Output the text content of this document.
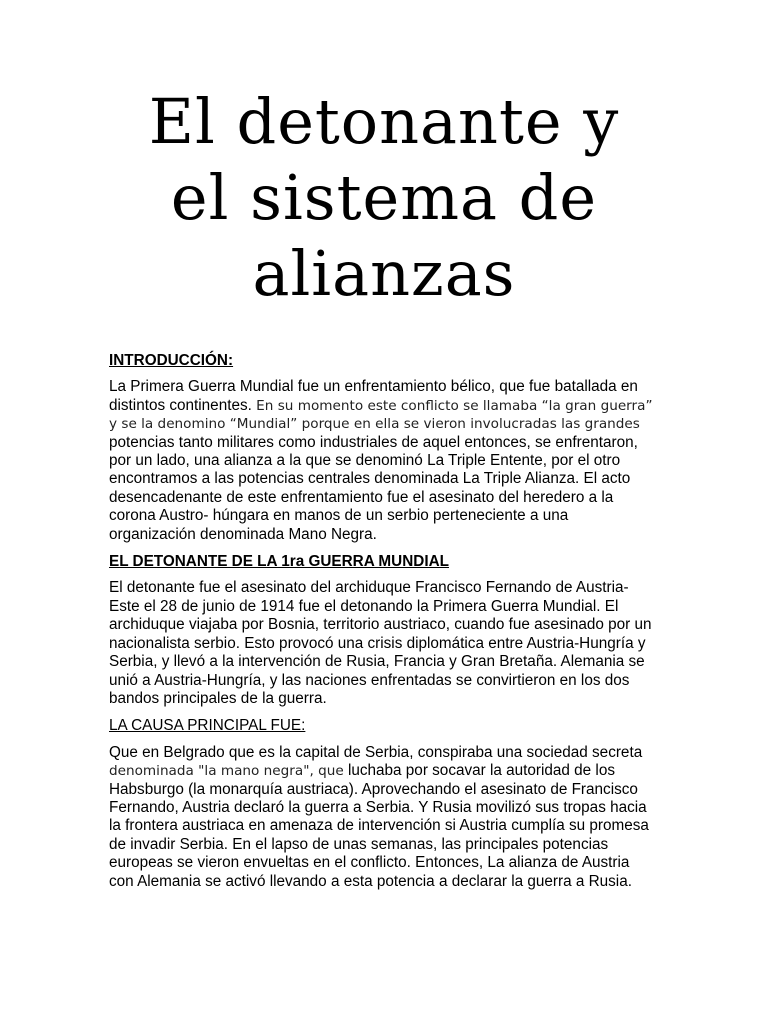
El detonante y
el sistema de
alianzas

INTRODUCCIÓN:

La Primera Guerra Mundial fue un enfrentamiento bélico, que fue batallada en distintos continentes. En su momento este conflicto se llamaba “la gran guerra” y se la denomino “Mundial” porque en ella se vieron involucradas las grandes potencias tanto militares como industriales de aquel entonces, se enfrentaron, por un lado, una alianza a la que se denominó La Triple Entente, por el otro encontramos a las potencias centrales denominada La Triple Alianza. El acto desencadenante de este enfrentamiento fue el asesinato del heredero a la corona Austro- húngara en manos de un serbio perteneciente a una organización denominada Mano Negra.

EL DETONANTE DE LA 1ra GUERRA MUNDIAL

El detonante fue el asesinato del archiduque Francisco Fernando de Austria- Este el 28 de junio de 1914 fue el detonando la Primera Guerra Mundial. El archiduque viajaba por Bosnia, territorio austriaco, cuando fue asesinado por un nacionalista serbio. Esto provocó una crisis diplomática entre Austria-Hungría y Serbia, y llevó a la intervención de Rusia, Francia y Gran Bretaña. Alemania se unió a Austria-Hungría, y las naciones enfrentadas se convirtieron en los dos bandos principales de la guerra.

LA CAUSA PRINCIPAL FUE:

Que en Belgrado que es la capital de Serbia, conspiraba una sociedad secreta denominada "la mano negra", que luchaba por socavar la autoridad de los Habsburgo (la monarquía austriaca). Aprovechando el asesinato de Francisco Fernando, Austria declaró la guerra a Serbia. Y Rusia movilizó sus tropas hacia la frontera austriaca en amenaza de intervención si Austria cumplía su promesa de invadir Serbia. En el lapso de unas semanas, las principales potencias europeas se vieron envueltas en el conflicto. Entonces, La alianza de Austria con Alemania se activó llevando a esta potencia a declarar la guerra a Rusia.
